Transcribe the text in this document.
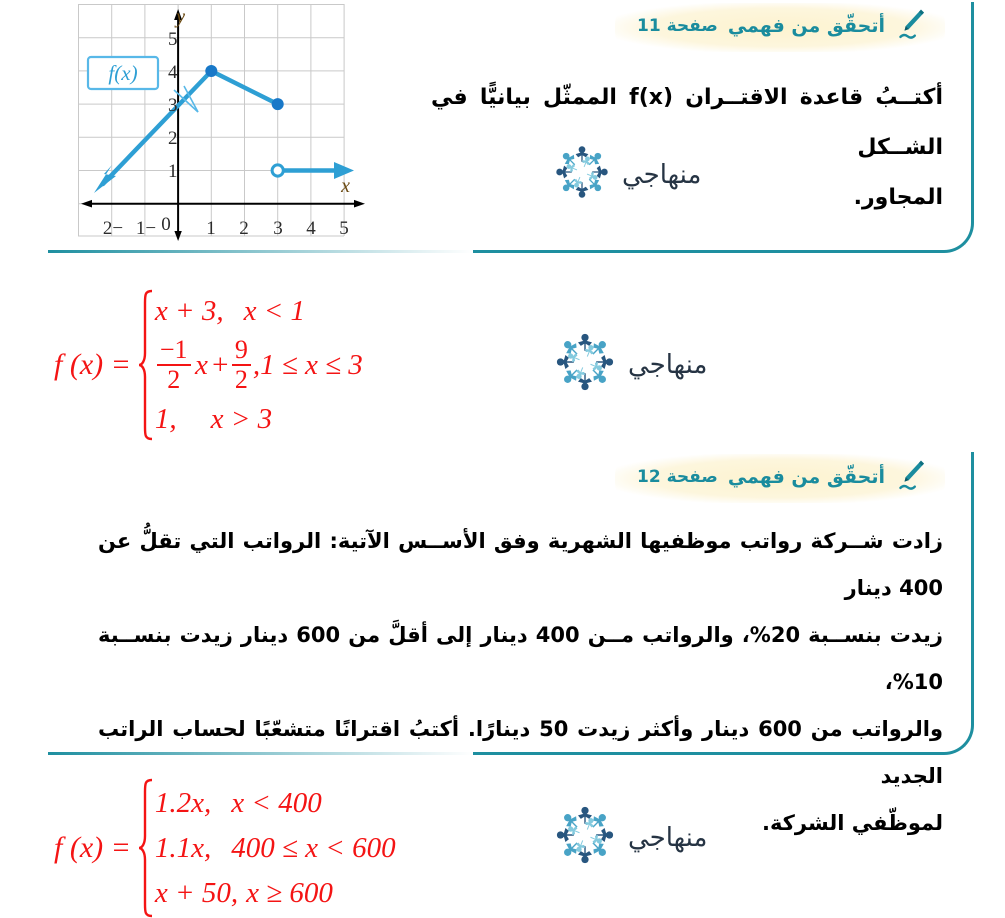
أتحقّق من فهمي
صفحة 11
أكتــبُ قاعدة الاقتــران (x)f الممثّل بيانيًّا في الشــكل
المجاور.
منهاجي
f(x)
y
x
0
−2 −1	1 2 3 4 5
1
2
3
4
5
f (x) =
x + 3, x < 1
$\frac{-1}{2}$  x + $\frac{9}{2} ,1 \le x \le 3$
1, x > 3
منهاجي
أتحقّق من فهمي
صفحة 12
زادت شــركة رواتب موظفيها الشهرية وفق الأســس الآتية: الرواتب التي تقلُّ عن 400 دينار
زيدت بنســبة 20%، والرواتب مــن 400 دينار إلى أقلَّ من 600 دينار زيدت بنســبة 10%،
والرواتب من 600 دينار وأكثر زيدت 50 دينارًا. أكتبُ اقترانًا متشعّبًا لحساب الراتب الجديد
لموظّفي الشركة.
f (x) =
1.2x, x < 400
1.1x, 400 ≤ x < 600
x + 50, x ≥ 600
منهاجي
